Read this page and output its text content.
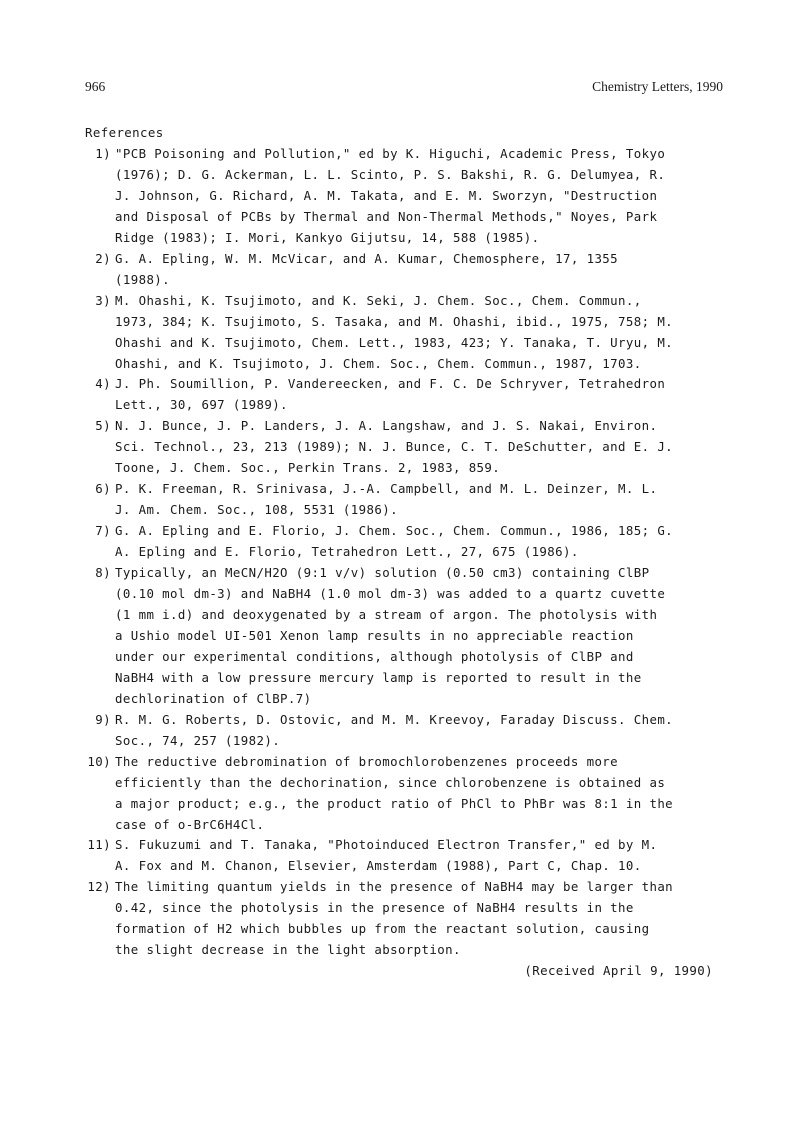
966	Chemistry Letters, 1990
References
1) "PCB Poisoning and Pollution," ed by K. Higuchi, Academic Press, Tokyo
(1976); D. G. Ackerman, L. L. Scinto, P. S. Bakshi, R. G. Delumyea, R.
J. Johnson, G. Richard, A. M. Takata, and E. M. Sworzyn, "Destruction
and Disposal of PCBs by Thermal and Non-Thermal Methods," Noyes, Park
Ridge (1983); I. Mori, Kankyo Gijutsu, 14, 588 (1985).
2) G. A. Epling, W. M. McVicar, and A. Kumar, Chemosphere, 17, 1355
(1988).
3) M. Ohashi, K. Tsujimoto, and K. Seki, J. Chem. Soc., Chem. Commun.,
1973, 384; K. Tsujimoto, S. Tasaka, and M. Ohashi, ibid., 1975, 758; M.
Ohashi and K. Tsujimoto, Chem. Lett., 1983, 423; Y. Tanaka, T. Uryu, M.
Ohashi, and K. Tsujimoto, J. Chem. Soc., Chem. Commun., 1987, 1703.
4) J. Ph. Soumillion, P. Vandereecken, and F. C. De Schryver, Tetrahedron
Lett., 30, 697 (1989).
5) N. J. Bunce, J. P. Landers, J. A. Langshaw, and J. S. Nakai, Environ.
Sci. Technol., 23, 213 (1989); N. J. Bunce, C. T. DeSchutter, and E. J.
Toone, J. Chem. Soc., Perkin Trans. 2, 1983, 859.
6) P. K. Freeman, R. Srinivasa, J.-A. Campbell, and M. L. Deinzer, M. L.
J. Am. Chem. Soc., 108, 5531 (1986).
7) G. A. Epling and E. Florio, J. Chem. Soc., Chem. Commun., 1986, 185; G.
A. Epling and E. Florio, Tetrahedron Lett., 27, 675 (1986).
8) Typically, an MeCN/H2O (9:1 v/v) solution (0.50 cm3) containing ClBP
(0.10 mol dm-3) and NaBH4 (1.0 mol dm-3) was added to a quartz cuvette
(1 mm i.d) and deoxygenated by a stream of argon. The photolysis with
a Ushio model UI-501 Xenon lamp results in no appreciable reaction
under our experimental conditions, although photolysis of ClBP and
NaBH4 with a low pressure mercury lamp is reported to result in the
dechlorination of ClBP.7)
9) R. M. G. Roberts, D. Ostovic, and M. M. Kreevoy, Faraday Discuss. Chem.
Soc., 74, 257 (1982).
10) The reductive debromination of bromochlorobenzenes proceeds more
efficiently than the dechorination, since chlorobenzene is obtained as
a major product; e.g., the product ratio of PhCl to PhBr was 8:1 in the
case of o-BrC6H4Cl.
11) S. Fukuzumi and T. Tanaka, "Photoinduced Electron Transfer," ed by M.
A. Fox and M. Chanon, Elsevier, Amsterdam (1988), Part C, Chap. 10.
12) The limiting quantum yields in the presence of NaBH4 may be larger than
0.42, since the photolysis in the presence of NaBH4 results in the
formation of H2 which bubbles up from the reactant solution, causing
the slight decrease in the light absorption.
(Received April 9, 1990)
